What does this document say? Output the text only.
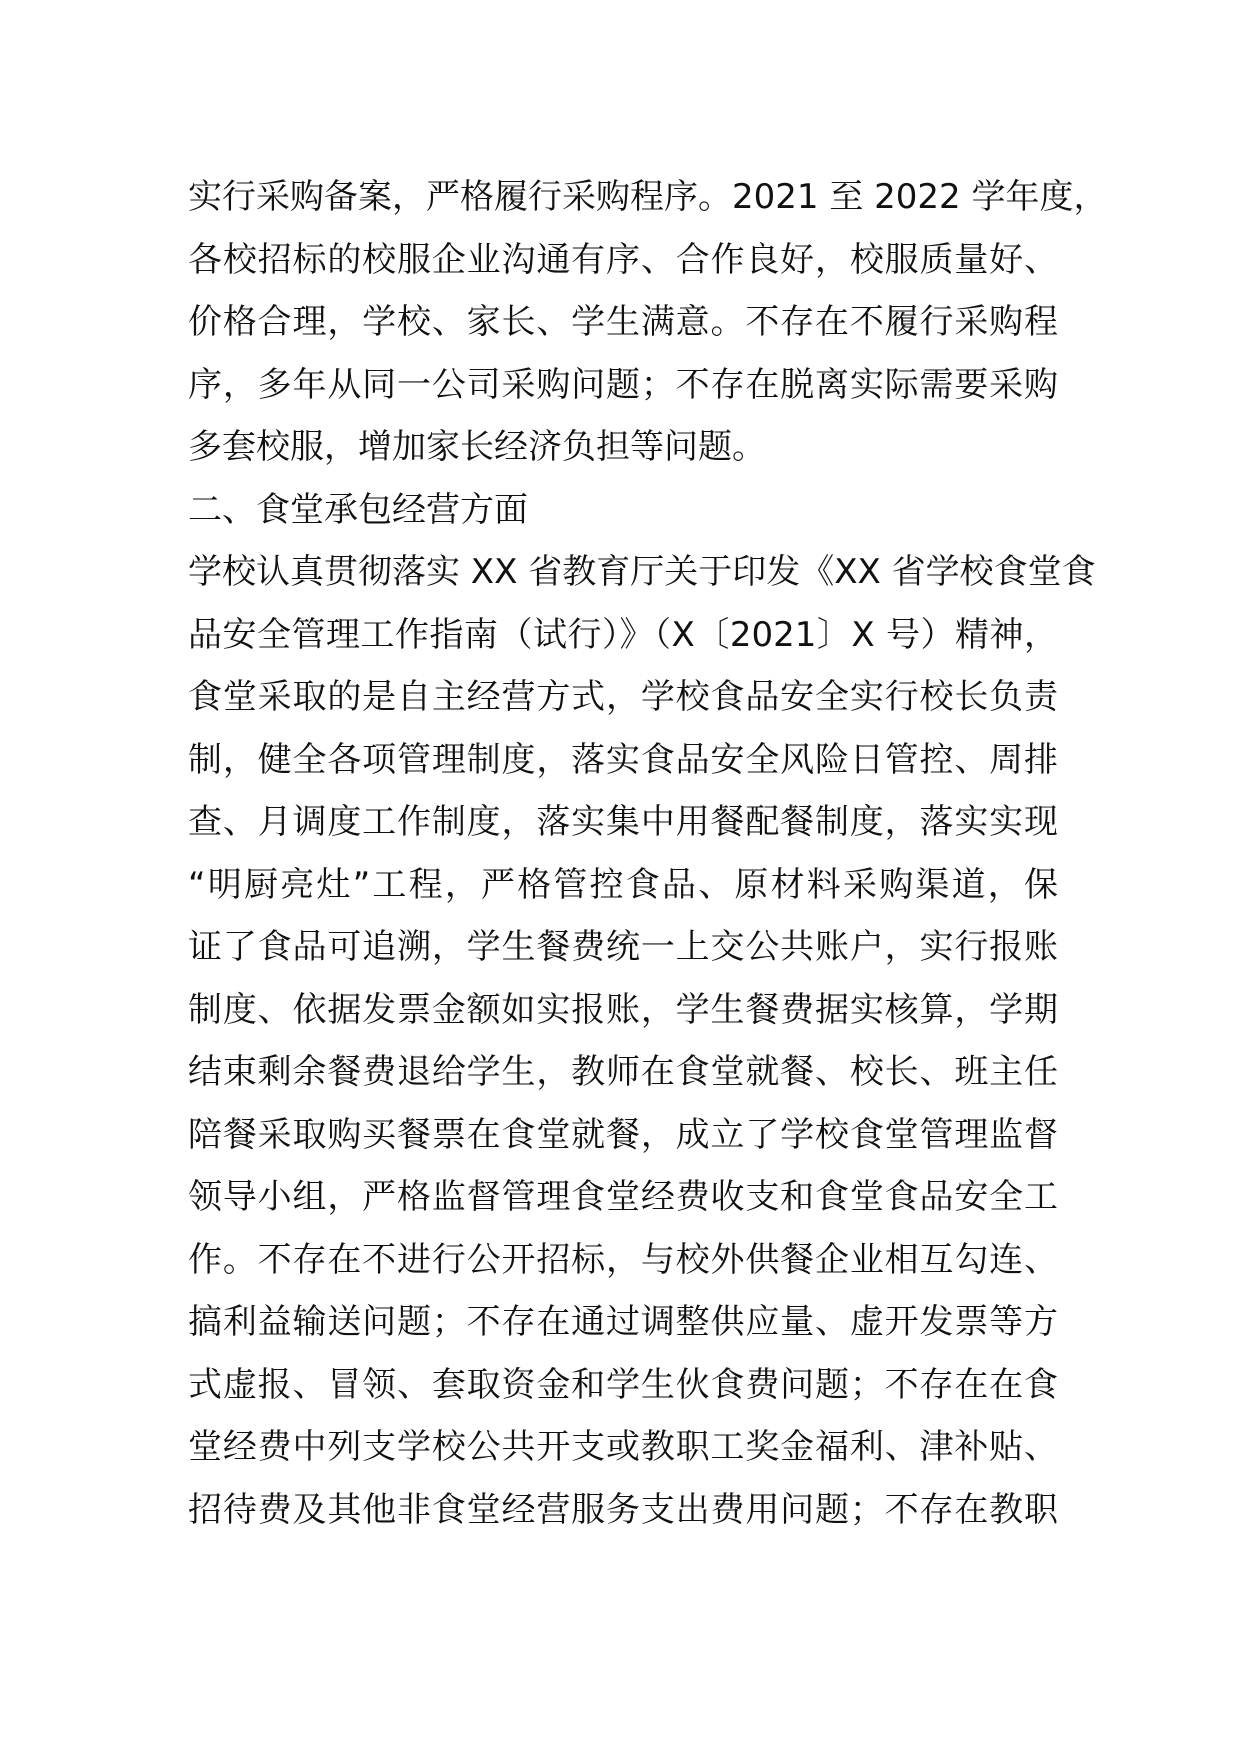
实行采购备案，严格履行采购程序。2021 至 2022 学年度，
各校招标的校服企业沟通有序、合作良好，校服质量好、
价格合理，学校、家长、学生满意。不存在不履行采购程
序，多年从同一公司采购问题；不存在脱离实际需要采购
多套校服，增加家长经济负担等问题。
二、食堂承包经营方面
学校认真贯彻落实 XX 省教育厅关于印发《XX 省学校食堂食
品安全管理工作指南（试行）》（X〔2021〕X 号）精神，
食堂采取的是自主经营方式，学校食品安全实行校长负责
制，健全各项管理制度，落实食品安全风险日管控、周排
查、月调度工作制度，落实集中用餐配餐制度，落实实现
“明厨亮灶”工程，严格管控食品、原材料采购渠道，保
证了食品可追溯，学生餐费统一上交公共账户，实行报账
制度、依据发票金额如实报账，学生餐费据实核算，学期
结束剩余餐费退给学生，教师在食堂就餐、校长、班主任
陪餐采取购买餐票在食堂就餐，成立了学校食堂管理监督
领导小组，严格监督管理食堂经费收支和食堂食品安全工
作。不存在不进行公开招标，与校外供餐企业相互勾连、
搞利益输送问题；不存在通过调整供应量、虚开发票等方
式虚报、冒领、套取资金和学生伙食费问题；不存在在食
堂经费中列支学校公共开支或教职工奖金福利、津补贴、
招待费及其他非食堂经营服务支出费用问题；不存在教职
